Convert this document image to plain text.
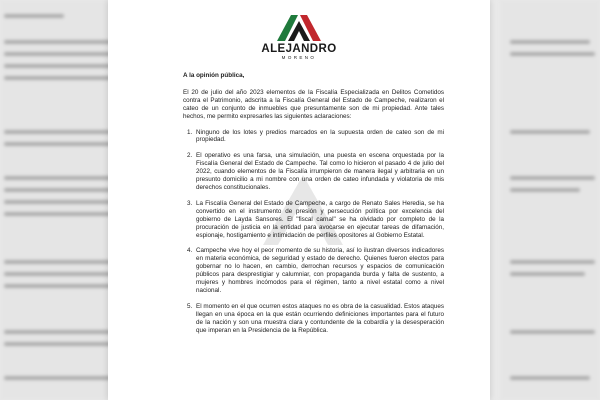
ALEJANDRO
MORENO
A la opinión pública,

El 20 de julio del año 2023 elementos de la Fiscalía Especializada en Delitos Cometidos contra el Patrimonio, adscrita a la Fiscalía General del Estado de Campeche, realizaron el cateo de un conjunto de inmuebles que presuntamente son de mi propiedad. Ante tales hechos, me permito expresarles las siguientes aclaraciones:

1. Ninguno de los lotes y predios marcados en la supuesta orden de cateo son de mi propiedad.
2. El operativo es una farsa, una simulación, una puesta en escena orquestada por la Fiscalía General del Estado de Campeche. Tal como lo hicieron el pasado 4 de julio del 2022, cuando elementos de la Fiscalía irrumpieron de manera ilegal y arbitraria en un presunto domicilio a mi nombre con una orden de cateo infundada y violatoria de mis derechos constitucionales.
3. La Fiscalía General del Estado de Campeche, a cargo de Renato Sales Heredia, se ha convertido en el instrumento de presión y persecución política por excelencia del gobierno de Layda Sansores. El "fiscal carnal" se ha olvidado por completo de la procuración de justicia en la entidad para avocarse en ejecutar tareas de difamación, espionaje, hostigamiento e intimidación de perfiles opositores al Gobierno Estatal.
4. Campeche vive hoy el peor momento de su historia, así lo ilustran diversos indicadores en materia económica, de seguridad y estado de derecho. Quienes fueron electos para gobernar no lo hacen, en cambio, derrochan recursos y espacios de comunicación públicos para desprestigiar y calumniar, con propaganda burda y falta de sustento, a mujeres y hombres incómodos para el régimen, tanto a nivel estatal como a nivel nacional.
5. El momento en el que ocurren estos ataques no es obra de la casualidad. Estos ataques llegan en una época en la que están ocurriendo definiciones importantes para el futuro de la nación y son una muestra clara y contundente de la cobardía y la desesperación que imperan en la Presidencia de la República.
